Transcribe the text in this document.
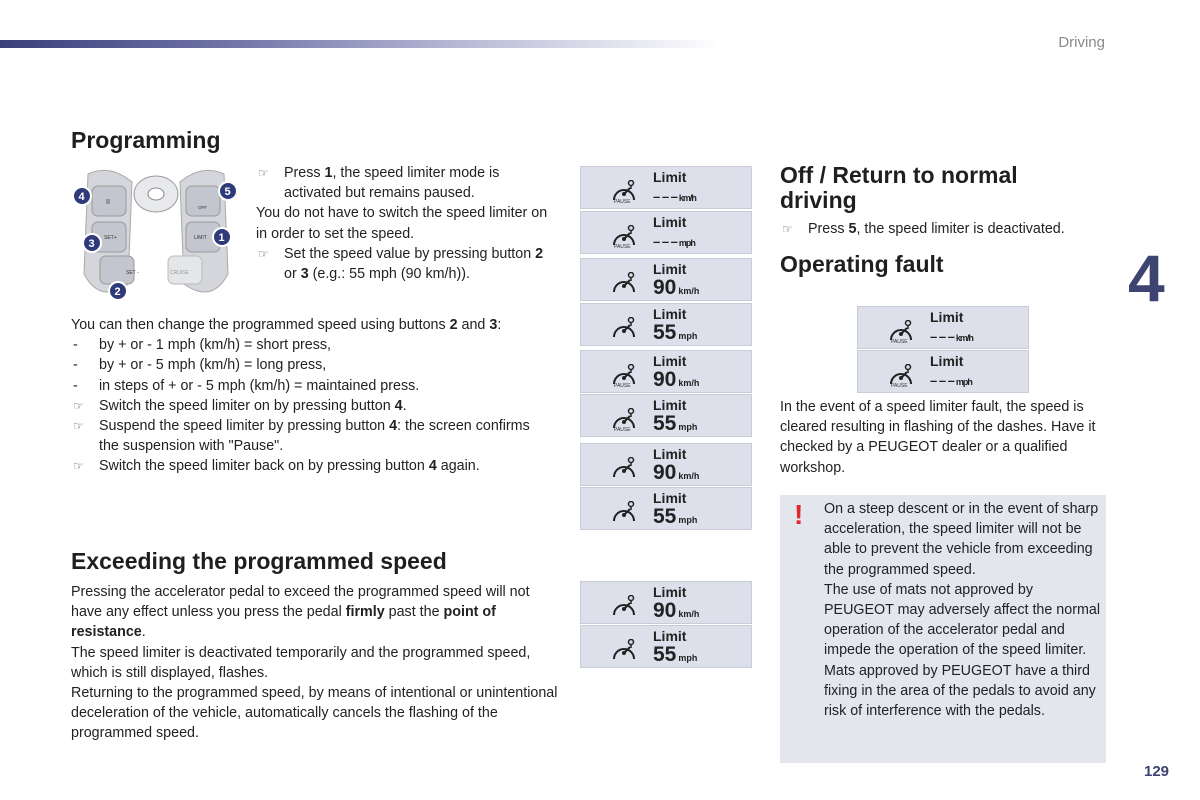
Driving
4
129
Programming
II
OFF
SET+	LIMIT
SET -	CRUISE
4	5
3	1
2

☞ Press 1, the speed limiter mode is activated but remains paused.

You do not have to switch the speed limiter on in order to set the speed.

☞ Set the speed value by pressing button 2 or 3 (e.g.: 55 mph (90 km/h)).

You can then change the programmed speed using buttons 2 and 3:

- by + or - 1 mph (km/h) = short press,

- by + or - 5 mph (km/h) = long press,

- in steps of + or - 5 mph (km/h) = maintained press.

☞ Switch the speed limiter on by pressing button 4.

☞ Suspend the speed limiter by pressing button 4: the screen confirms the suspension with "Pause".

☞ Switch the speed limiter back on by pressing button 4 again.

Exceeding the programmed speed

Pressing the accelerator pedal to exceed the programmed speed will not have any effect unless you press the pedal firmly past the point of resistance.

The speed limiter is deactivated temporarily and the programmed speed, which is still displayed, flashes.

Returning to the programmed speed, by means of intentional or unintentional deceleration of the vehicle, automatically cancels the flashing of the programmed speed.

Off / Return to normal driving

☞ Press 5, the speed limiter is deactivated.

Operating fault
In the event of a speed limiter fault, the speed is cleared resulting in flashing of the dashes. Have it checked by a PEUGEOT dealer or a qualified workshop.
! On a steep descent or in the event of sharp acceleration, the speed limiter will not be able to prevent the vehicle from exceeding the programmed speed.

The use of mats not approved by PEUGEOT may adversely affect the normal operation of the accelerator pedal and impede the operation of the speed limiter.

Mats approved by PEUGEOT have a third fixing in the area of the pedals to avoid any risk of interference with the pedals.

Limit
– – – km/h
PAUSE
Limit
– – – mph
PAUSE
Limit
90 km/h
Limit
55 mph
Limit
90 km/h
PAUSE
Limit
55 mph
PAUSE
Limit
90 km/h
Limit
55 mph
Limit
90 km/h
Limit
55 mph
Limit
– – – km/h
PAUSE
Limit
– – – mph
PAUSE
